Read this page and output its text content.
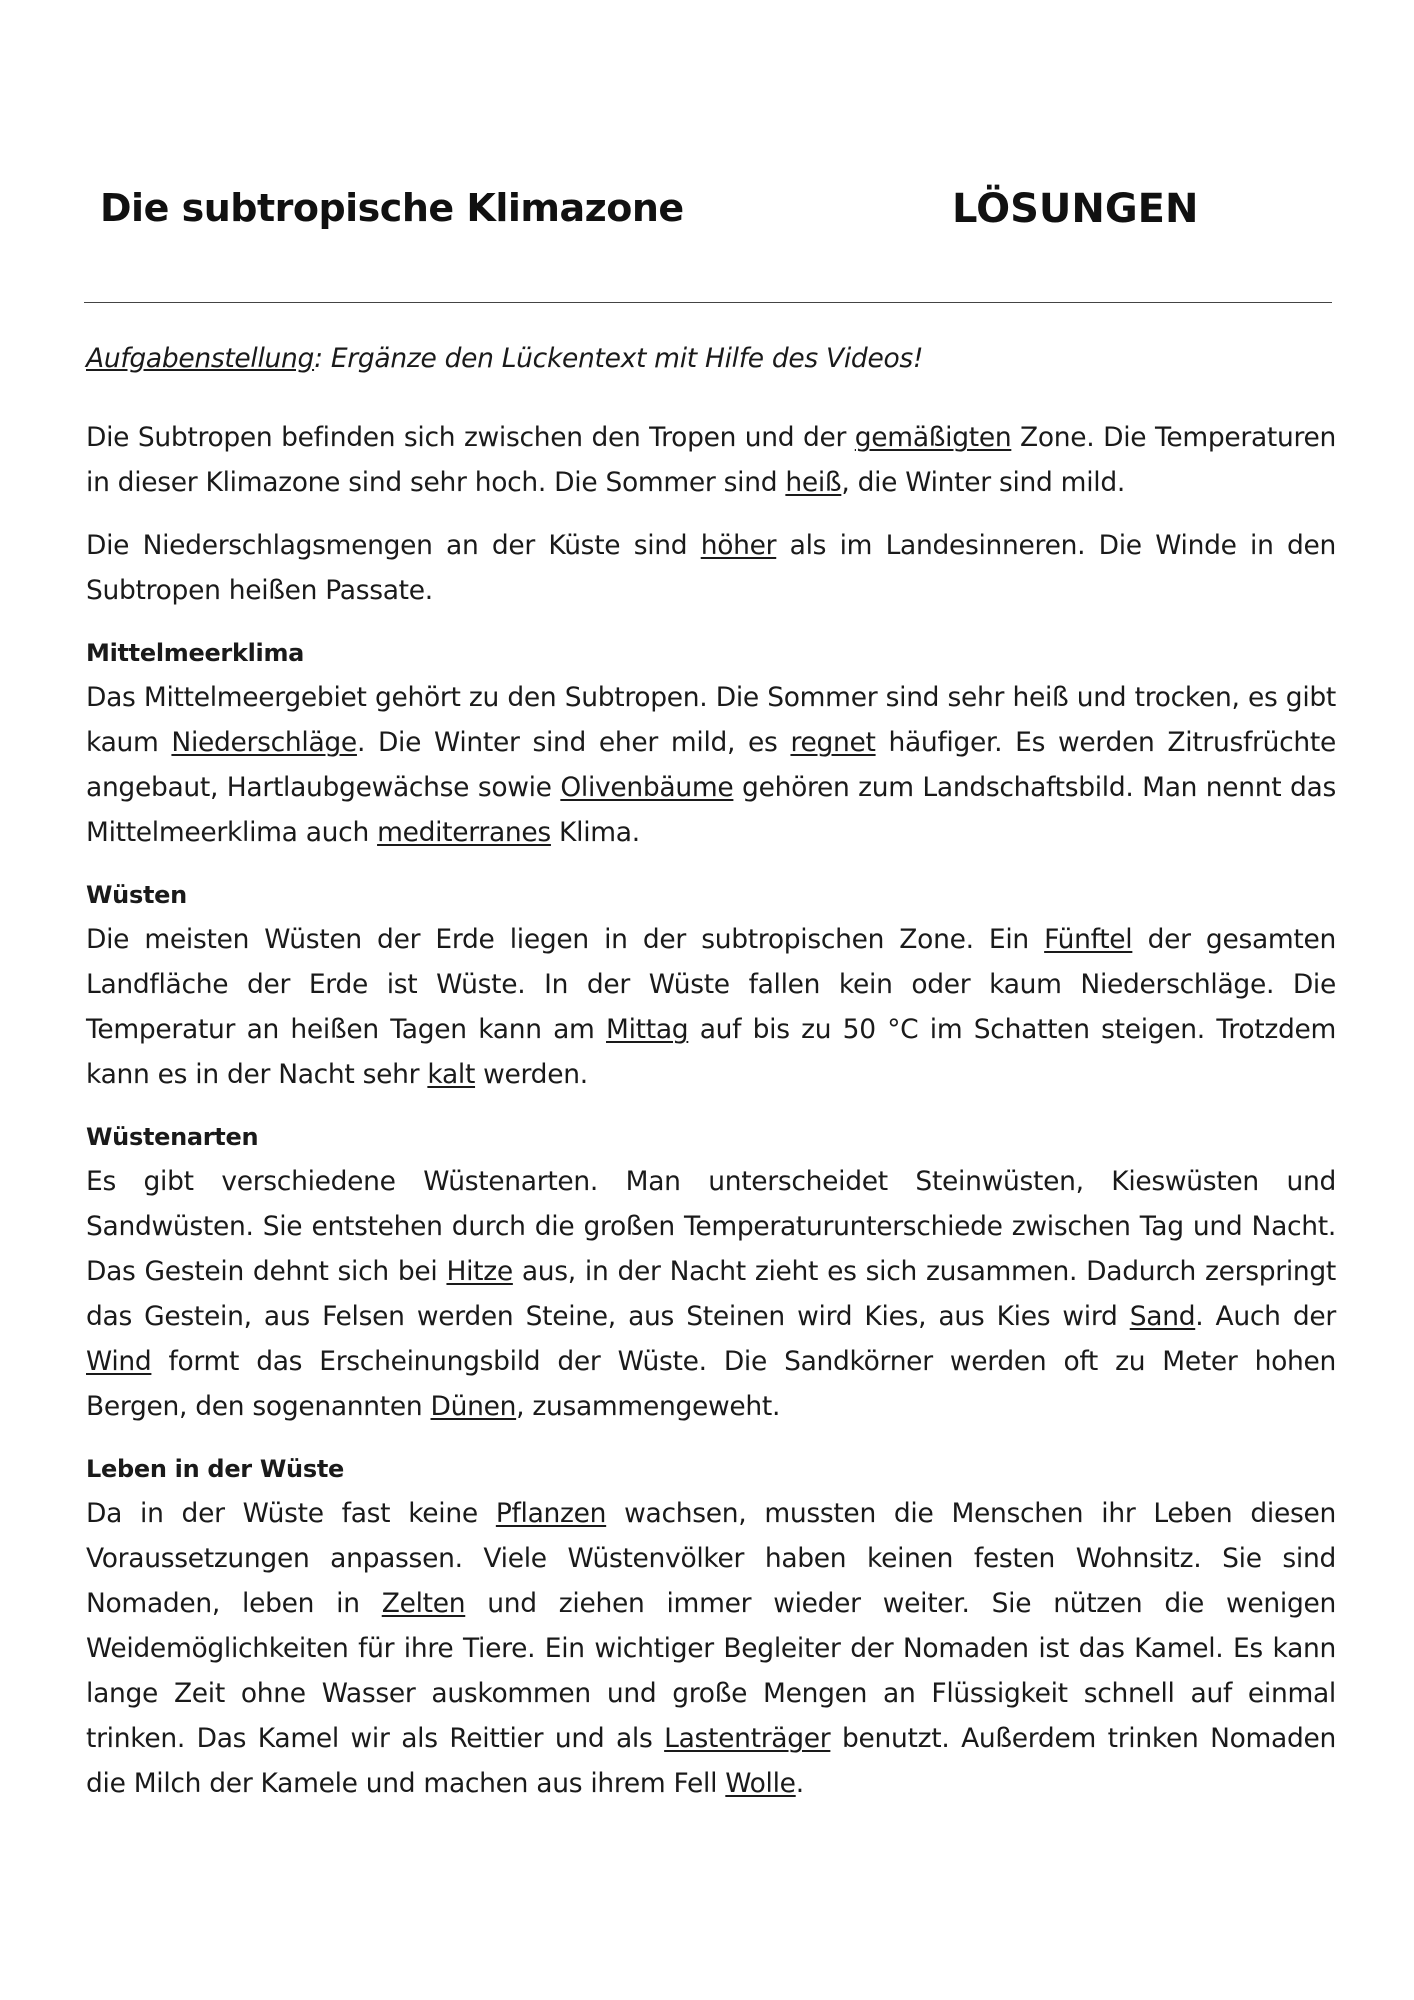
Die subtropische Klimazone	LÖSUNGEN

Aufgabenstellung: Ergänze den Lückentext mit Hilfe des Videos!

Die Subtropen befinden sich zwischen den Tropen und der gemäßigten Zone. Die Temperaturen in dieser Klimazone sind sehr hoch. Die Sommer sind heiß, die Winter sind mild.

Die Niederschlagsmengen an der Küste sind höher als im Landesinneren. Die Winde in den Subtropen heißen Passate.

Mittelmeerklima

Das Mittelmeergebiet gehört zu den Subtropen. Die Sommer sind sehr heiß und trocken, es gibt kaum Niederschläge. Die Winter sind eher mild, es regnet häufiger. Es werden Zitrusfrüchte angebaut, Hartlaubgewächse sowie Olivenbäume gehören zum Landschaftsbild. Man nennt das Mittelmeerklima auch mediterranes Klima.

Wüsten

Die meisten Wüsten der Erde liegen in der subtropischen Zone. Ein Fünftel der gesamten Landfläche der Erde ist Wüste. In der Wüste fallen kein oder kaum Niederschläge. Die Temperatur an heißen Tagen kann am Mittag auf bis zu 50 °C im Schatten steigen. Trotzdem kann es in der Nacht sehr kalt werden.

Wüstenarten

Es gibt verschiedene Wüstenarten. Man unterscheidet Steinwüsten, Kieswüsten und Sandwüsten. Sie entstehen durch die großen Temperaturunterschiede zwischen Tag und Nacht. Das Gestein dehnt sich bei Hitze aus, in der Nacht zieht es sich zusammen. Dadurch zerspringt das Gestein, aus Felsen werden Steine, aus Steinen wird Kies, aus Kies wird Sand. Auch der Wind formt das Erscheinungsbild der Wüste. Die Sandkörner werden oft zu Meter hohen Bergen, den sogenannten Dünen, zusammengeweht.

Leben in der Wüste

Da in der Wüste fast keine Pflanzen wachsen, mussten die Menschen ihr Leben diesen Voraussetzungen anpassen. Viele Wüstenvölker haben keinen festen Wohnsitz. Sie sind Nomaden, leben in Zelten und ziehen immer wieder weiter. Sie nützen die wenigen Weidemöglichkeiten für ihre Tiere. Ein wichtiger Begleiter der Nomaden ist das Kamel. Es kann lange Zeit ohne Wasser auskommen und große Mengen an Flüssigkeit schnell auf einmal trinken. Das Kamel wir als Reittier und als Lastenträger benutzt. Außerdem trinken Nomaden die Milch der Kamele und machen aus ihrem Fell Wolle.
